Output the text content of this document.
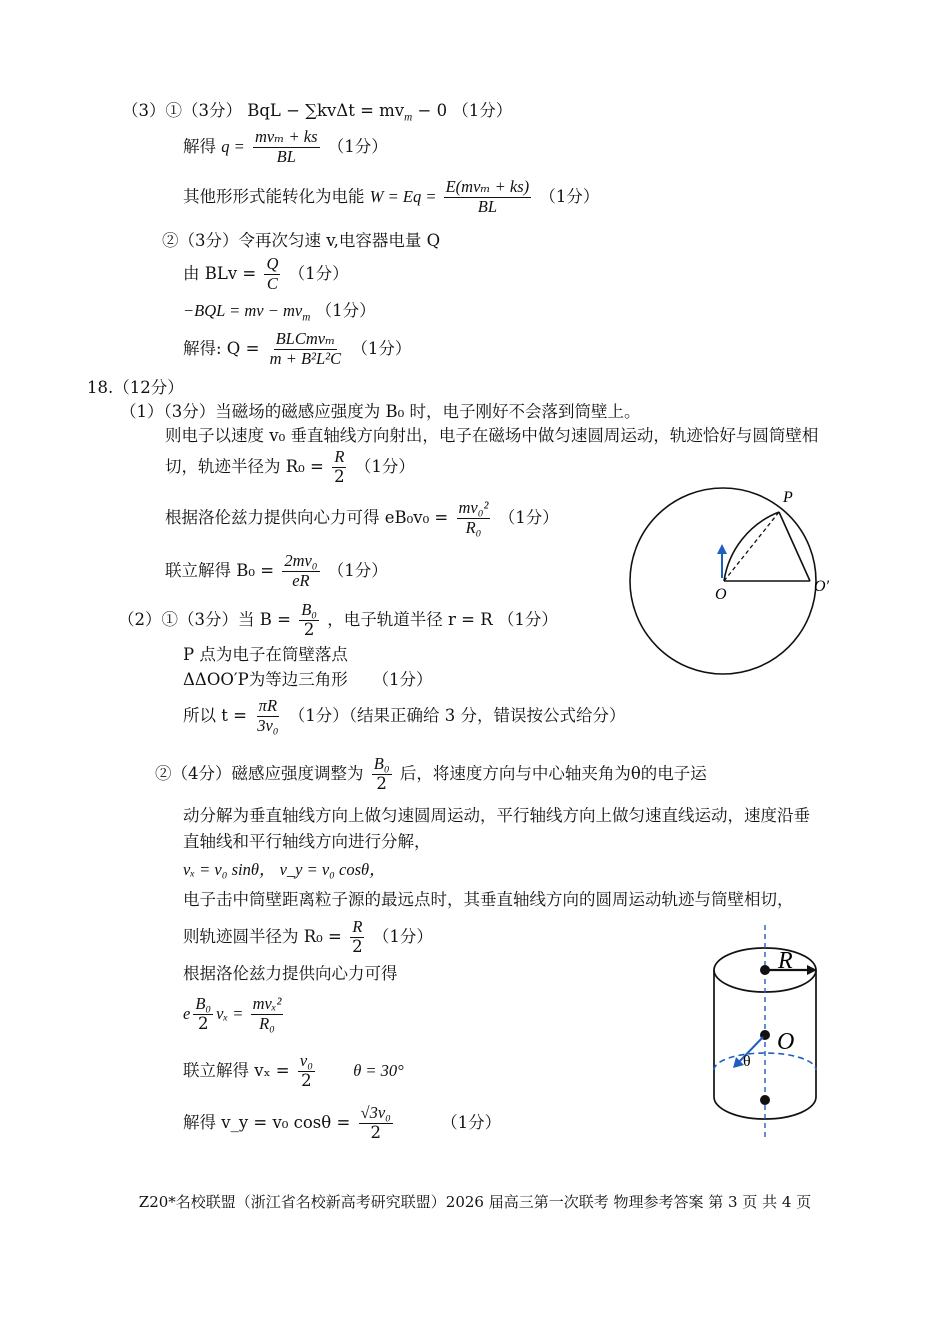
（3）①（3分） BqL − $\sum kv\Delta t = mv_m - 0$ （1分）
解得 q =
mvₘ + ks
BL
（1分）
其他形形式能转化为电能 W = Eq =
E(mvₘ + ks)
BL
（1分）
②（3分）令再次匀速 v,电容器电量 Q
由 BLv = $\frac{Q}{C} (1$分）
−BQL = mv − $mv_m$ （1分）
解得: Q =
BLCmvₘ
m + B²L²C
（1分）
18.（12分）
（1）（3分）当磁场的磁感应强度为 B₀ 时，电子刚好不会落到筒壁上。
则电子以速度 v₀ 垂直轴线方向射出，电子在磁场中做匀速圆周运动，轨迹恰好与圆筒壁相
切，轨迹半径为 $R_0 = \frac{R}{2} (1$分）
根据洛伦兹力提供向心力可得 $eB_0v_0 = \frac{\text{mv₀²}}{\text{R₀}} (1$分）
联立解得 $B_0 = \frac{\text{2mv₀}}{eR} (1$分）
（2）①（3分）当 $B = \frac{\text{B₀}}{2}$ ，电子轨道半径 r = R （1分）
P 点为电子在筒壁落点
ΔΔOO′P为等边三角形　　（1分）
所以 $t = \frac{\pi R}{\text{3v₀}} (1$分）（结果正确给 3 分，错误按公式给分）
②（4分）磁感应强度调整为 $\frac{\text{B₀}}{2}$ 后，将速度方向与中心轴夹角为θ的电子运
动分解为垂直轴线方向上做匀速圆周运动，平行轴线方向上做匀速直线运动，速度沿垂
直轴线和平行轴线方向进行分解，
vₓ = v₀ sinθ， v_y = v₀ cosθ，
电子击中筒壁距离粒子源的最远点时，其垂直轴线方向的圆周运动轨迹与筒壁相切，
则轨迹圆半径为 $R_0 = \frac{R}{2} (1$分）
根据洛伦兹力提供向心力可得
e $\frac{\text{B₀}}{2}$ vₓ =
mvₓ²
R₀
联立解得 $v_x = \frac{\text{v₀}}{2}$ θ = 30°
解得 v_y = v₀ $\cos\theta = \frac{\text{√3v₀}}{2}$	（1分）
P
O	O′
R
O
θ
Z20*名校联盟（浙江省名校新高考研究联盟）2026 届高三第一次联考 物理参考答案 第 3 页 共 4 页
